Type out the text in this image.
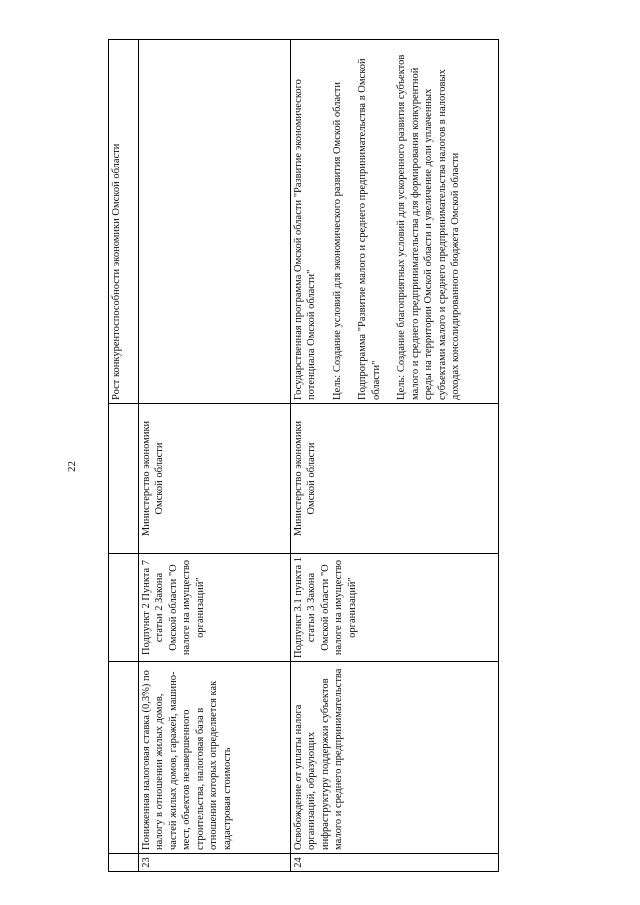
22
				Рост конкурентоспособности экономики Омской области
23	Пониженная налоговая ставка (0,3%) по налогу в отношении жилых домов, частей жилых домов, гаражей, машино-мест, объектов незавершенного строительства, налоговая база в отношении которых определяется как кадастровая стоимость	Подпункт 2 Пункта 7 статьи 2 Закона Омской области "О налоге на имущество организаций"	Министерство экономики Омской области	
24	Освобождение от уплаты налога организаций, образующих инфраструктуру поддержки субъектов малого и среднего предпринимательства	Подпункт 3.1 пункта 1 статьи 3 Закона Омской области "О налоге на имущество организаций"	Министерство экономики Омской области	Государственная программа Омской области "Развитие экономического потенциала Омской области" Цель: Создание условий для экономического развития Омской области Подпрограмма "Развитие малого и среднего предпринимательства в Омской области" Цель: Создание благоприятных условий для ускоренного развития субъектов малого и среднего предпринимательства для формирования конкурентной среды на территории Омской области и увеличение доли уплаченных субъектами малого и среднего предпринимательства налогов в налоговых доходах консолидированного бюджета Омской области
